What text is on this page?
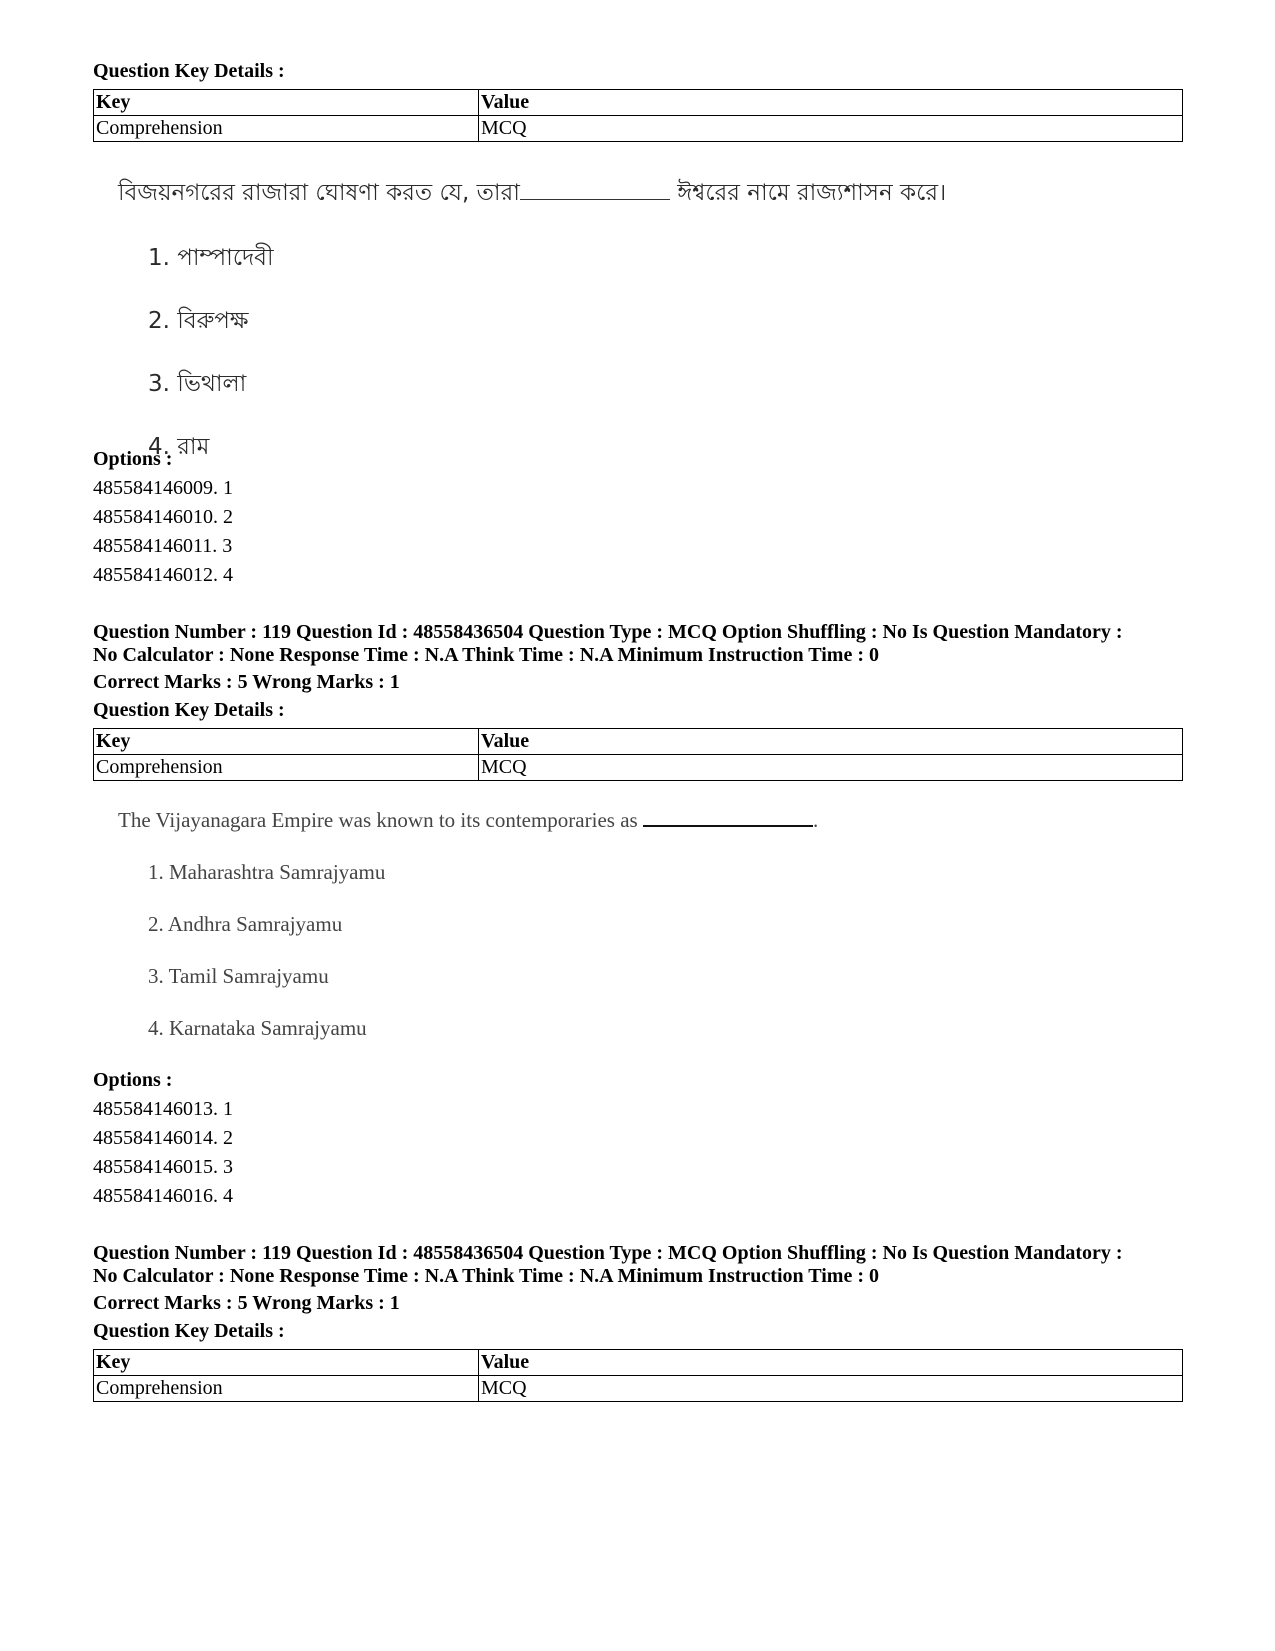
Question Key Details :
Key	Value
Comprehension	MCQ
বিজয়নগরের রাজারা ঘোষণা করত যে, তারা	ঈশ্বরের নামে রাজ্যশাসন করে।
1. পাম্পাদেবী
2. বিরুপক্ষ
3. ভিথালা
4. রাম
Options :
485584146009. 1
485584146010. 2
485584146011. 3
485584146012. 4
Question Number : 119 Question Id : 48558436504 Question Type : MCQ Option Shuffling : No Is Question Mandatory :
No Calculator : None Response Time : N.A Think Time : N.A Minimum Instruction Time : 0
Correct Marks : 5 Wrong Marks : 1
Question Key Details :
Key	Value
Comprehension	MCQ
The Vijayanagara Empire was known to its contemporaries as	.
1. Maharashtra Samrajyamu
2. Andhra Samrajyamu
3. Tamil Samrajyamu
4. Karnataka Samrajyamu
Options :
485584146013. 1
485584146014. 2
485584146015. 3
485584146016. 4
Question Number : 119 Question Id : 48558436504 Question Type : MCQ Option Shuffling : No Is Question Mandatory :
No Calculator : None Response Time : N.A Think Time : N.A Minimum Instruction Time : 0
Correct Marks : 5 Wrong Marks : 1
Question Key Details :
Key	Value
Comprehension	MCQ
